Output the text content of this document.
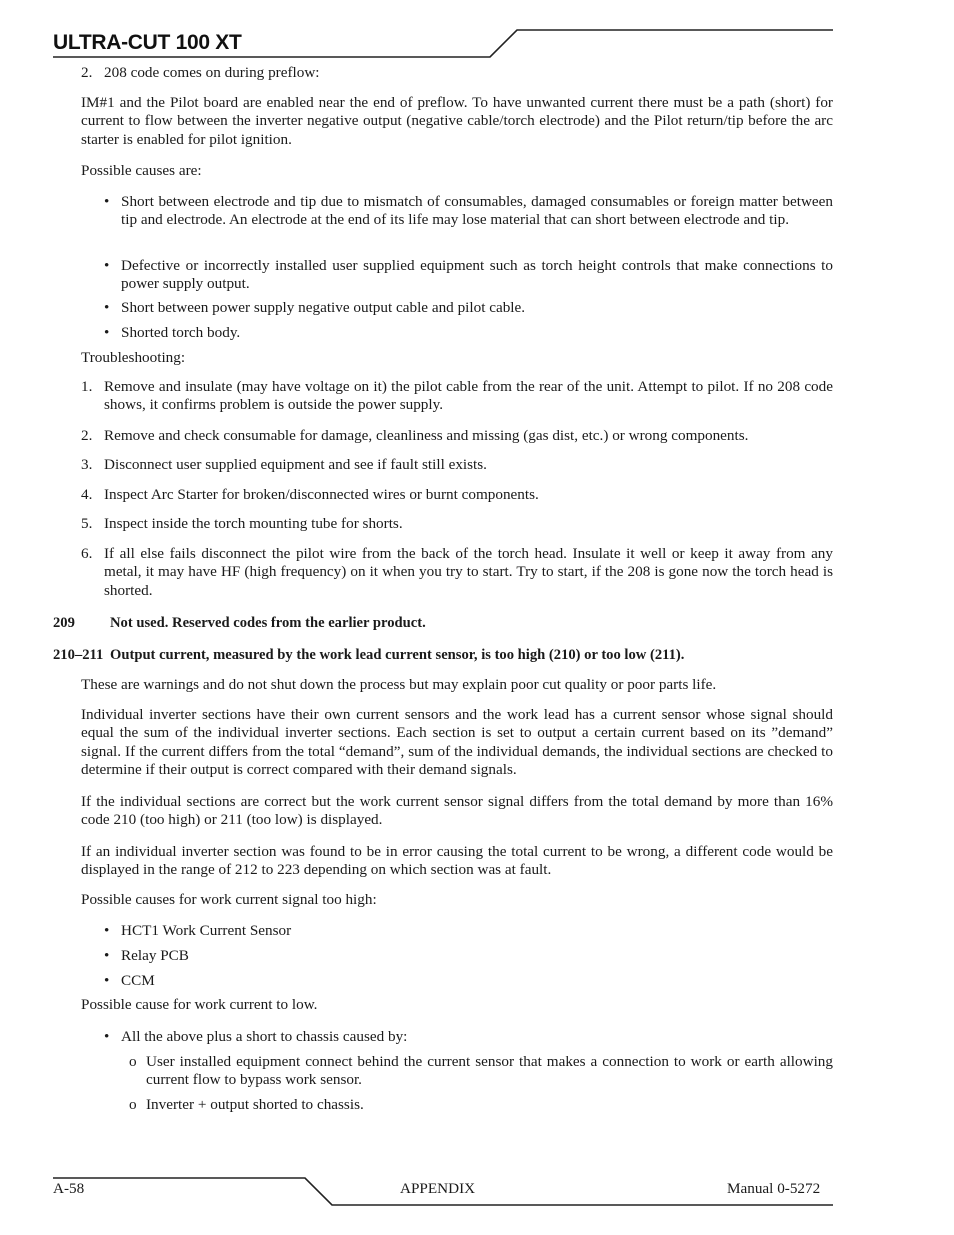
ULTRA-CUT 100 XT
2. 208 code comes on during preflow:

IM#1 and the Pilot board are enabled near the end of preflow. To have unwanted current there must be a path (short) for current to flow between the inverter negative output (negative cable/torch electrode) and the Pilot return/tip before the arc starter is enabled for pilot ignition.

Possible causes are:

• Short between electrode and tip due to mismatch of consumables, damaged consumables or foreign matter between tip and electrode. An electrode at the end of its life may lose material that can short between electrode and tip.
• Defective or incorrectly installed user supplied equipment such as torch height controls that make connections to power supply output.
• Short between power supply negative output cable and pilot cable.
• Shorted torch body.

Troubleshooting:

1. Remove and insulate (may have voltage on it) the pilot cable from the rear of the unit. Attempt to pilot. If no 208 code shows, it confirms problem is outside the power supply.
2. Remove and check consumable for damage, cleanliness and missing (gas dist, etc.) or wrong components.
3. Disconnect user supplied equipment and see if fault still exists.
4. Inspect Arc Starter for broken/disconnected wires or burnt components.
5. Inspect inside the torch mounting tube for shorts.
6. If all else fails disconnect the pilot wire from the back of the torch head. Insulate it well or keep it away from any metal, it may have HF (high frequency) on it when you try to start. Try to start, if the 208 is gone now the torch head is shorted.
209 Not used. Reserved codes from the earlier product.
210–211 Output current, measured by the work lead current sensor, is too high (210) or too low (211).

These are warnings and do not shut down the process but may explain poor cut quality or poor parts life.

Individual inverter sections have their own current sensors and the work lead has a current sensor whose signal should equal the sum of the individual inverter sections. Each section is set to output a certain current based on its ”demand” signal. If the current differs from the total “demand”, sum of the individual demands, the individual sections are checked to determine if their output is correct compared with their demand signals.

If the individual sections are correct but the work current sensor signal differs from the total demand by more than 16% code 210 (too high) or 211 (too low) is displayed.

If an individual inverter section was found to be in error causing the total current to be wrong, a different code would be displayed in the range of 212 to 223 depending on which section was at fault.

Possible causes for work current signal too high:

• HCT1 Work Current Sensor
• Relay PCB
• CCM

Possible cause for work current to low.

• All the above plus a short to chassis caused by:
o User installed equipment connect behind the current sensor that makes a connection to work or earth allowing current flow to bypass work sensor.
o Inverter + output shorted to chassis.
A-58	APPENDIX	Manual 0-5272
